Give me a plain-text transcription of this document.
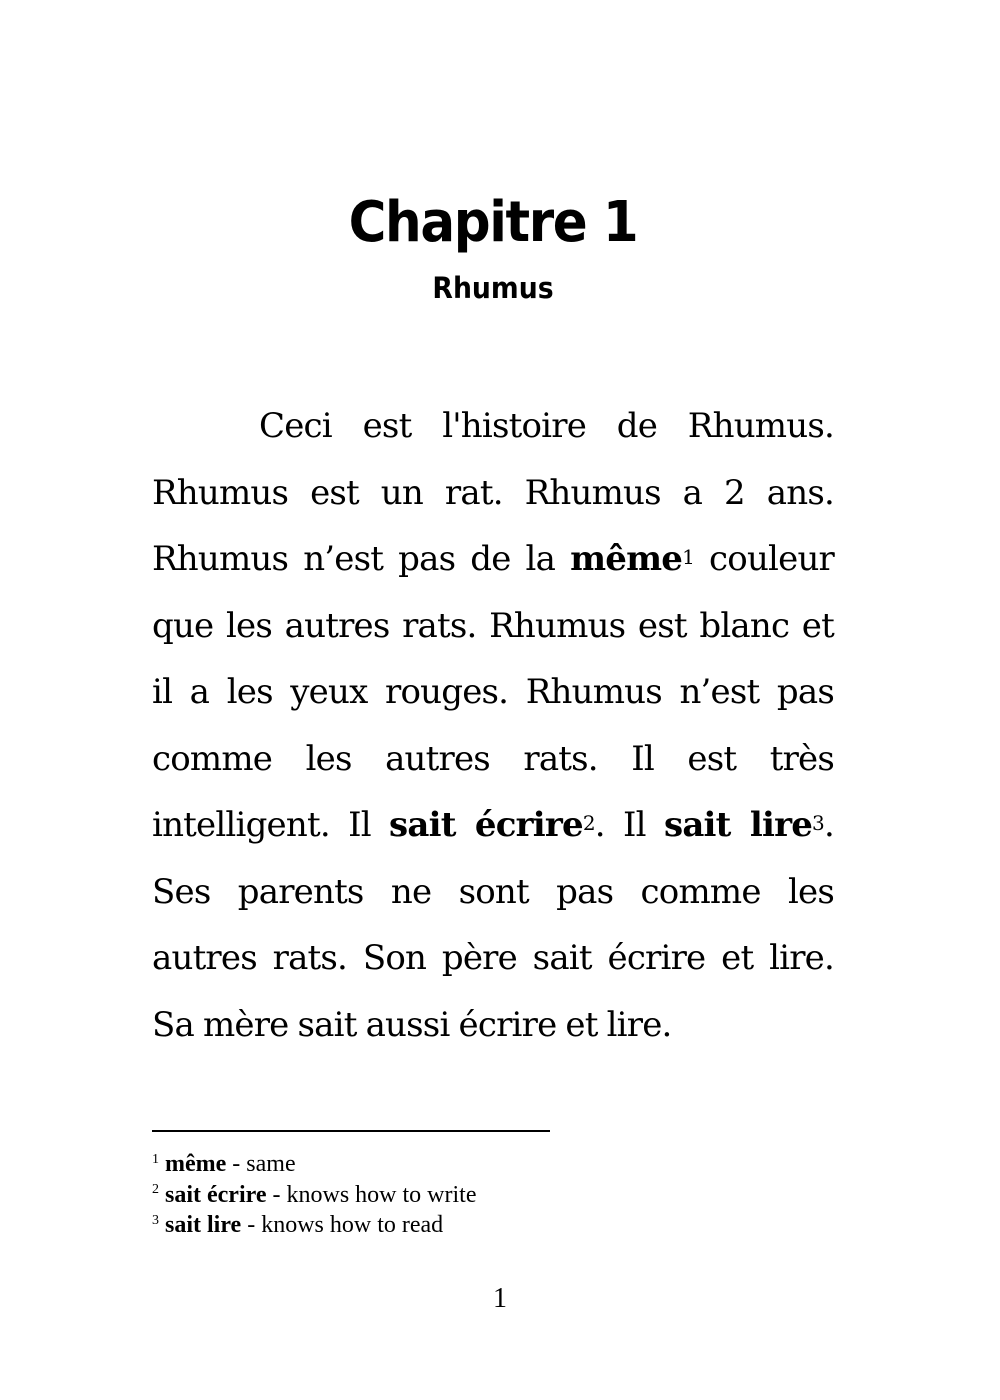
Chapitre 1
Rhumus

Ceci est l'histoire de Rhumus. Rhumus est un rat. Rhumus a 2 ans. Rhumus n’est pas de la même$^1$ couleur que les autres rats. Rhumus est blanc et il a les yeux rouges. Rhumus n’est pas comme les autres rats. Il est très intelligent. Il sait écrire$^2$. Il sait lire$^3$. Ses parents ne sont pas comme les autres rats. Son père sait écrire et lire. Sa mère sait aussi écrire et lire.

$^1$ même - same
$^2$ sait écrire - knows how to write
$^3$ sait lire - knows how to read
1
